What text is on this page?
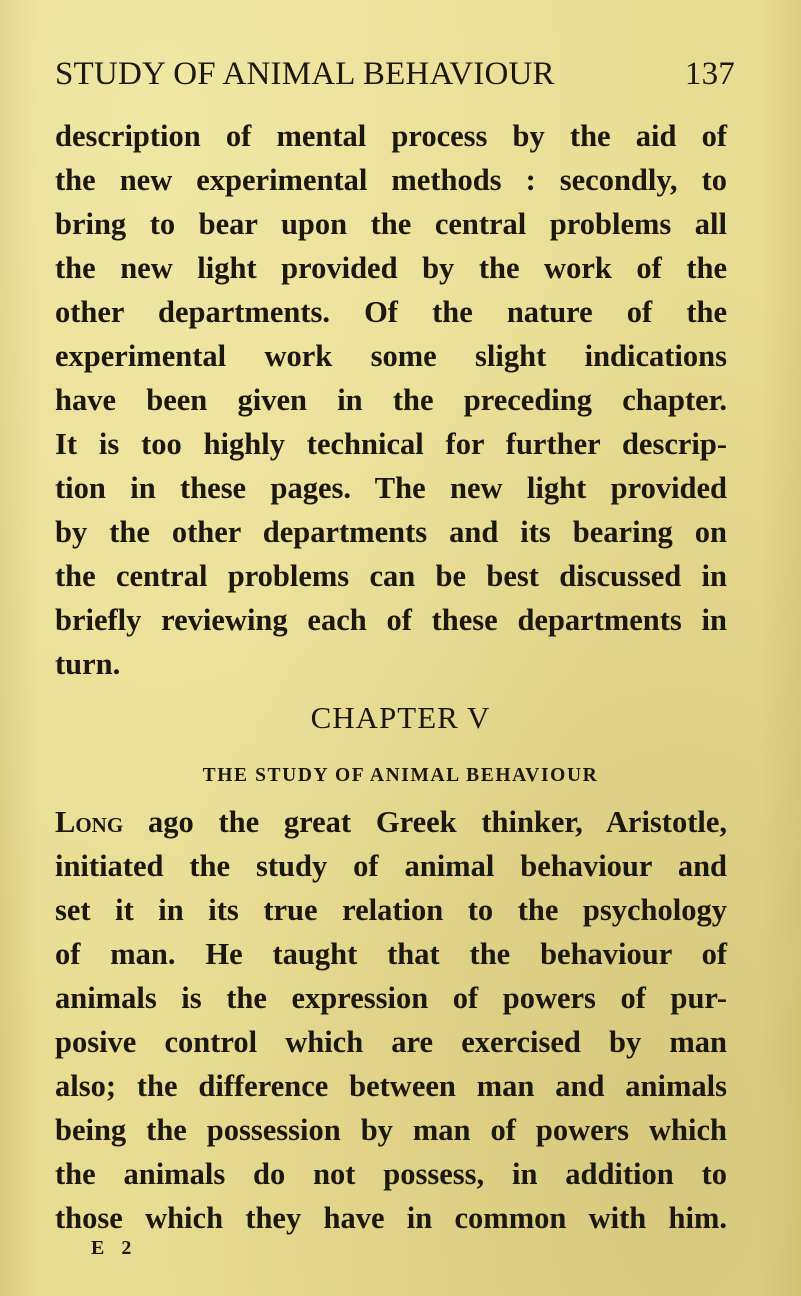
STUDY OF ANIMAL BEHAVIOUR	137
description of mental process by the aid of
the new experimental methods : secondly, to
bring to bear upon the central problems all
the new light provided by the work of the
other departments. Of the nature of the
experimental work some slight indications
have been given in the preceding chapter.
It is too highly technical for further descrip-
tion in these pages. The new light provided
by the other departments and its bearing on
the central problems can be best discussed in
briefly reviewing each of these departments in
turn.
CHAPTER V
THE STUDY OF ANIMAL BEHAVIOUR
Long ago the great Greek thinker, Aristotle,
initiated the study of animal behaviour and
set it in its true relation to the psychology
of man. He taught that the behaviour of
animals is the expression of powers of pur-
posive control which are exercised by man
also; the difference between man and animals
being the possession by man of powers which
the animals do not possess, in addition to
those which they have in common with him.
E 2
